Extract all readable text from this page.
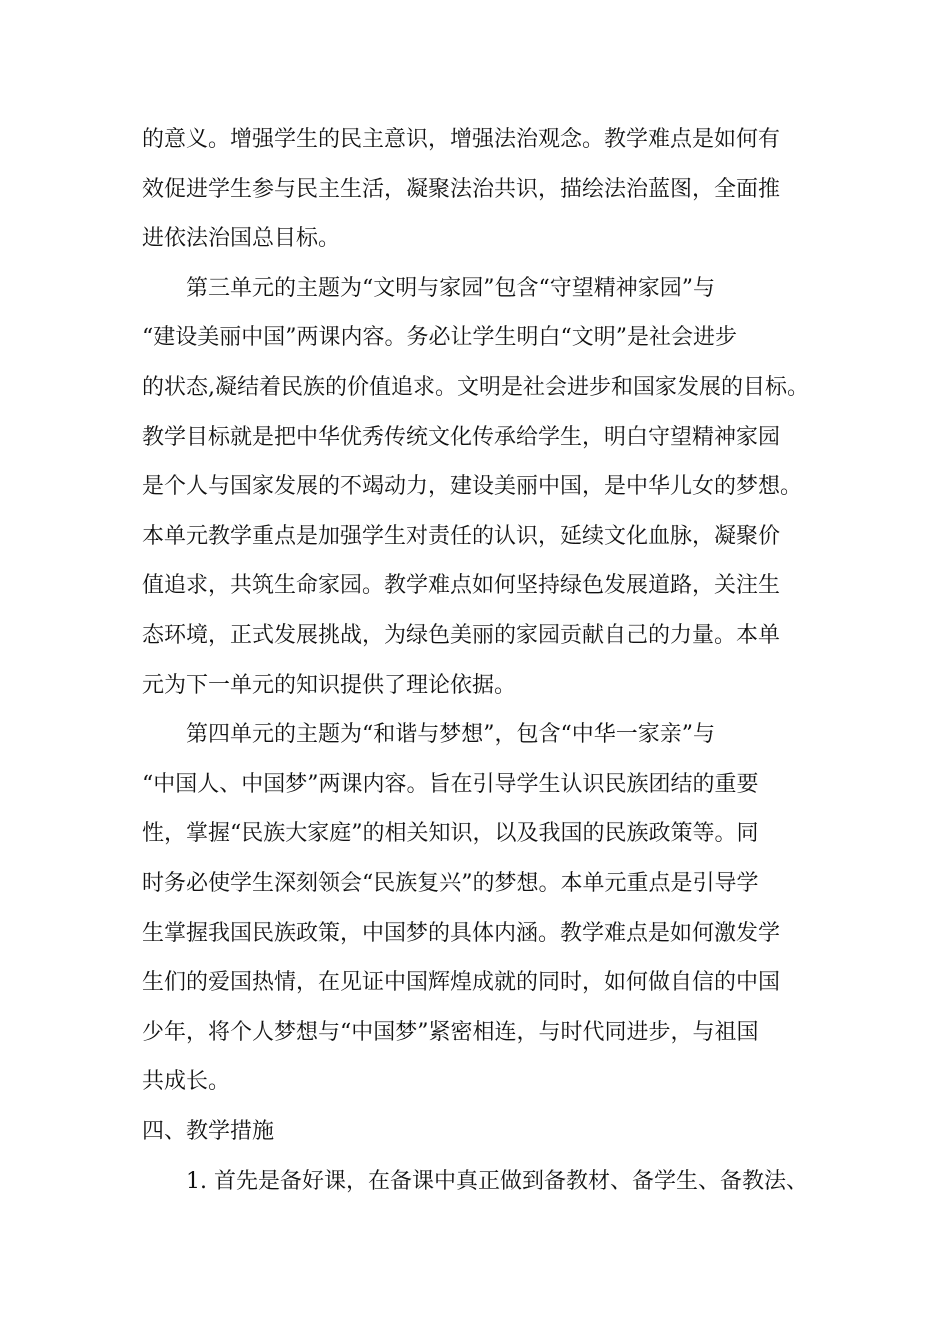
的意义。增强学生的民主意识，增强法治观念。教学难点是如何有
效促进学生参与民主生活，凝聚法治共识，描绘法治蓝图，全面推
进依法治国总目标。
第三单元的主题为“文明与家园”包含“守望精神家园”与
“建设美丽中国”两课内容。务必让学生明白“文明”是社会进步
的状态,凝结着民族的价值追求。文明是社会进步和国家发展的目标。
教学目标就是把中华优秀传统文化传承给学生，明白守望精神家园
是个人与国家发展的不竭动力，建设美丽中国，是中华儿女的梦想。
本单元教学重点是加强学生对责任的认识，延续文化血脉，凝聚价
值追求，共筑生命家园。教学难点如何坚持绿色发展道路，关注生
态环境，正式发展挑战，为绿色美丽的家园贡献自己的力量。本单
元为下一单元的知识提供了理论依据。
第四单元的主题为“和谐与梦想”，包含“中华一家亲”与
“中国人、中国梦”两课内容。旨在引导学生认识民族团结的重要
性，掌握“民族大家庭”的相关知识，以及我国的民族政策等。同
时务必使学生深刻领会“民族复兴”的梦想。本单元重点是引导学
生掌握我国民族政策，中国梦的具体内涵。教学难点是如何激发学
生们的爱国热情，在见证中国辉煌成就的同时，如何做自信的中国
少年，将个人梦想与“中国梦”紧密相连，与时代同进步，与祖国
共成长。
四、教学措施
1. 首先是备好课，在备课中真正做到备教材、备学生、备教法、
